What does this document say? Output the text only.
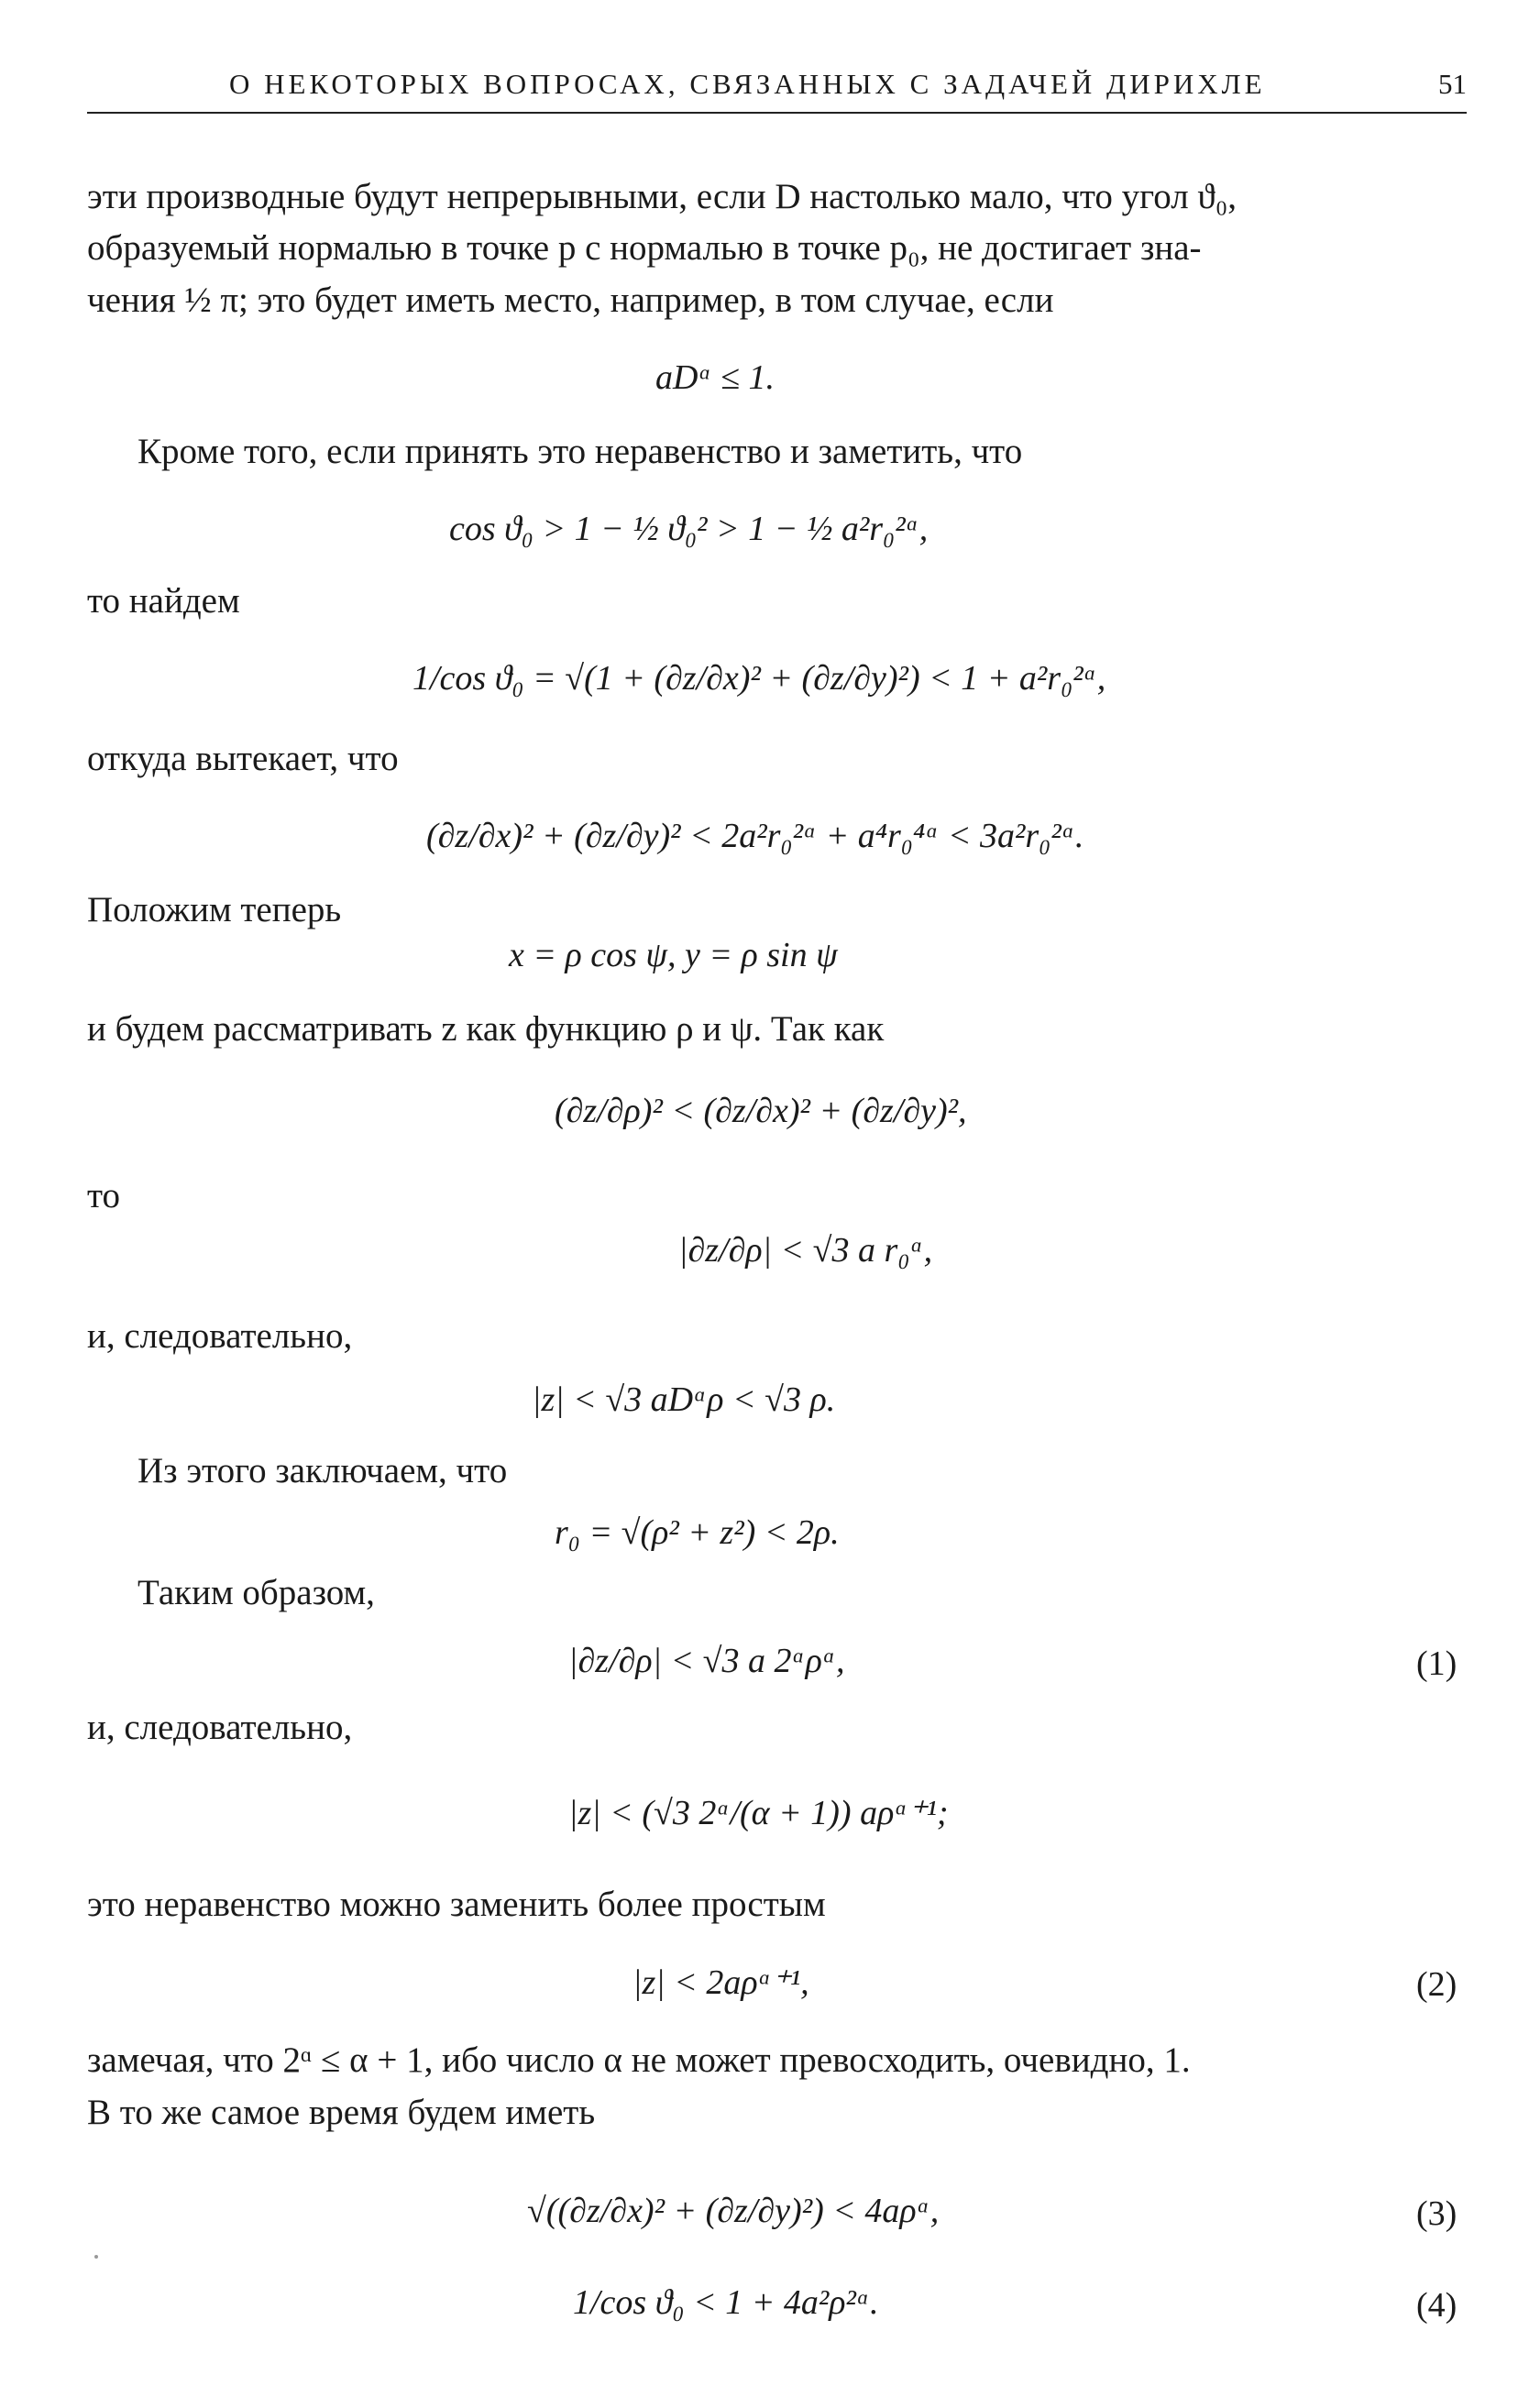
О НЕКОТОРЫХ ВОПРОСАХ, СВЯЗАННЫХ С ЗАДАЧЕЙ ДИРИХЛЕ	51
эти производные будут непрерывными, если D настолько мало, что угол ϑ₀,
образуемый нормалью в точке p с нормалью в точке p₀, не достигает зна-
чения ½ π; это будет иметь место, например, в том случае, если
aDᵅ ≤ 1.
Кроме того, если принять это неравенство и заметить, что
cos ϑ₀ > 1 − ½ ϑ₀² > 1 − ½ a²r₀²ᵅ,
то найдем
1/cos ϑ₀ = √(1 + (∂z/∂x)² + (∂z/∂y)²) < 1 + a²r₀²ᵅ,
откуда вытекает, что
(∂z/∂x)² + (∂z/∂y)² < 2a²r₀²ᵅ + a⁴r₀⁴ᵅ < 3a²r₀²ᵅ.
Положим теперь
x = ρ cos ψ, y = ρ sin ψ
и будем рассматривать z как функцию ρ и ψ. Так как
(∂z/∂ρ)² < (∂z/∂x)² + (∂z/∂y)²,
то
|∂z/∂ρ| < √3 a r₀ᵅ,
и, следовательно,
|z| < √3 aDᵅρ < √3 ρ.
Из этого заключаем, что
r₀ = √(ρ² + z²) < 2ρ.
Таким образом,
|∂z/∂ρ| < √3 a 2ᵅρᵅ,	(1)
и, следовательно,
|z| < (√3 2ᵅ/(α + 1)) aρᵅ⁺¹;
это неравенство можно заменить более простым
|z| < 2aρᵅ⁺¹,	(2)
замечая, что 2ᵅ ≤ α + 1, ибо число α не может превосходить, очевидно, 1.
В то же самое время будем иметь
√((∂z/∂x)² + (∂z/∂y)²) < 4aρᵅ,	(3)
1/cos ϑ₀ < 1 + 4a²ρ²ᵅ.	(4)
